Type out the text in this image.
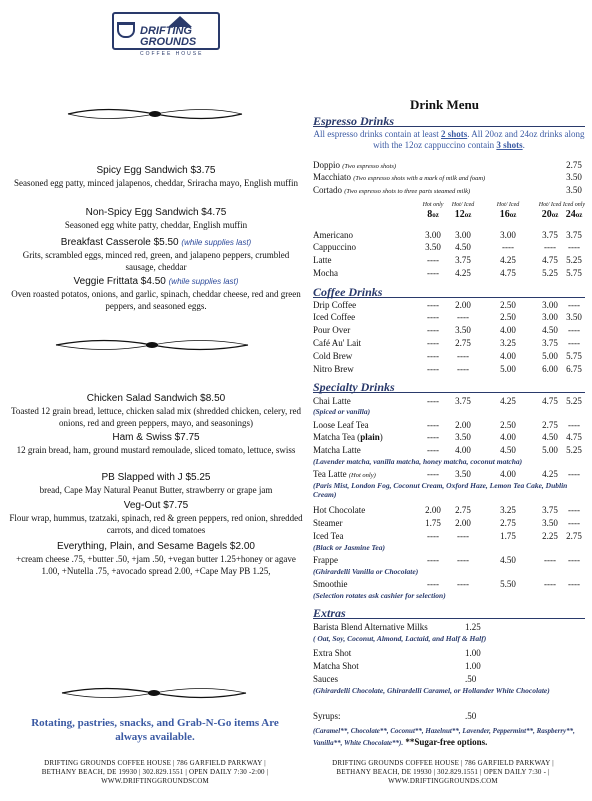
DRIFTING
GROUNDS
COFFEE HOUSE
Spicy Egg Sandwich $3.75
Seasoned egg patty, minced jalapenos, cheddar, Sriracha mayo, English muffin
Non-Spicy Egg Sandwich $4.75
Seasoned egg white patty, cheddar, English muffin
Breakfast Casserole $5.50 (while supplies last)
Grits, scrambled eggs, minced red, green, and jalapeno peppers, crumbled sausage, cheddar
Veggie Frittata $4.50 (while supplies last)
Oven roasted potatos, onions, and garlic, spinach, cheddar cheese, red and green peppers, and seasoned eggs.
Chicken Salad Sandwich $8.50
Toasted 12 grain bread, lettuce, chicken salad mix (shredded chicken, celery, red onions, red and green peppers, mayo, and seasonings)
Ham & Swiss $7.75
12 grain bread, ham, ground mustard remoulade, sliced tomato, lettuce, swiss
PB Slapped with J $5.25
bread, Cape May Natural Peanut Butter, strawberry or grape jam
Veg-Out $7.75
Flour wrap, hummus, tzatzaki, spinach, red & green peppers, red onion, shredded carrots, and diced tomatoes
Everything, Plain, and Sesame Bagels $2.00
+cream cheese .75, +butter .50, +jam .50, +vegan butter 1.25+honey or agave 1.00, +Nutella .75, +avocado spread 2.00, +Cape May PB 1.25,
Rotating, pastries, snacks, and Grab-N-Go items Are always available.
DRIFTING GROUNDS COFFEE HOUSE | 786 GARFIELD PARKWAY |
BETHANY BEACH, DE 19930 | 302.829.1551 | OPEN DAILY 7:30 -2:00 |
WWW.DRIFTINGGROUNDSCOM
DRIFTING GROUNDS COFFEE HOUSE | 786 GARFIELD PARKWAY |
BETHANY BEACH, DE 19930 | 302.829.1551 | OPEN DAILY 7:30 - |
WWW.DRIFTINGGROUNDS.COM
Drink Menu
Espresso Drinks
All espresso drinks contain at least 2 shots. All 20oz and 24oz drinks along with the 12oz cappuccino contain 3 shots.
Doppio (Two espresso shots)	2.75
Macchiato (Two espresso shots with a mark of milk and foam)	3.50
Cortado (Two espresso shots to three parts steamed milk)	3.50
Hot only
8oz
Hot/ Iced
12oz
Hot/ Iced
16oz
Hot/ Iced
20oz
Iced only
24oz
Americano	3.00	3.00	3.00	3.75 3.75
Cappuccino	3.50	4.50	----	----	----
Latte	----	3.75	4.25	4.75 5.25
Mocha	----	4.25	4.75	5.25 5.75
Coffee Drinks
Drip Coffee	----	2.00	2.50	3.00	----
Iced Coffee	----	----	2.50	3.00 3.50
Pour Over	----	3.50	4.00	4.50	----
Café Au' Lait	----	2.75	3.25	3.75	----
Cold Brew	----	----	4.00	5.00 5.75
Nitro Brew	----	----	5.00	6.00 6.75
Specialty Drinks
Chai Latte	----	3.75	4.25	4.75 5.25
(Spiced or vanilla)
Loose Leaf Tea	----	2.00	2.50	2.75	----
Matcha Tea (plain)	----	3.50	4.00	4.50 4.75
Matcha Latte	----	4.00	4.50	5.00 5.25
(Lavender matcha, vanilla matcha, honey matcha, coconut matcha)
Tea Latte (Hot only)	----	3.50	4.00	4.25	----
(Paris Mist, London Fog, Coconut Cream, Oxford Haze, Lemon Tea Cake, Dublin Cream)
Hot Chocolate	2.00	2.75	3.25	3.75	----
Steamer	1.75	2.00	2.75	3.50	----
Iced Tea	----	----	1.75	2.25 2.75
(Black or Jasmine Tea)
Frappe	----	----	4.50	----	----
(Ghirardelli Vanilla or Chocolate)
Smoothie	----	----	5.50	----	----
(Selection rotates ask cashier for selection)
Extras
Barista Blend Alternative Milks	1.25
( Oat, Soy, Coconut, Almond, Lactaid, and Half & Half)
Extra Shot	1.00
Matcha Shot	1.00
Sauces	.50
(Ghirardelli Chocolate, Ghirardelli Caramel, or Hollander White Chocolate)
Syrups:	.50
(Caramel**, Chocolate**, Coconut**, Hazelnut**, Lavender, Peppermint**, Raspberry**, Vanilla**, White Chocolate**). **Sugar-free options.
